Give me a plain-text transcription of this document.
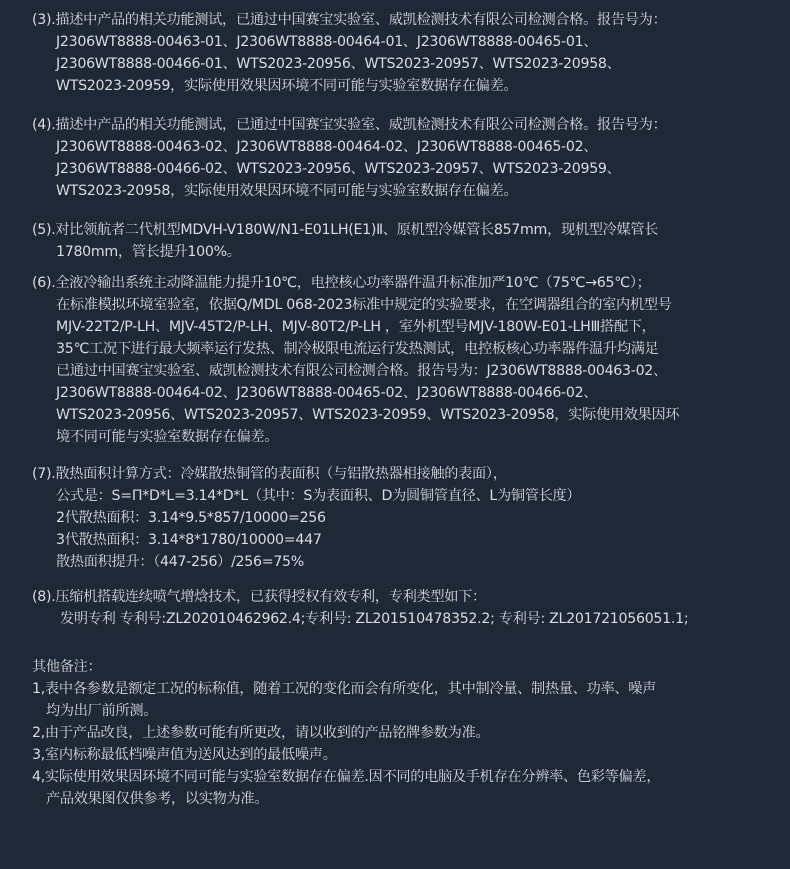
(3).描述中产品的相关功能测试，已通过中国赛宝实验室、威凯检测技术有限公司检测合格。报告号为：
J2306WT8888-00463-01、J2306WT8888-00464-01、J2306WT8888-00465-01、
J2306WT8888-00466-01、WTS2023-20956、WTS2023-20957、WTS2023-20958、
WTS2023-20959，实际使用效果因环境不同可能与实验室数据存在偏差。
(4).描述中产品的相关功能测试，已通过中国赛宝实验室、威凯检测技术有限公司检测合格。报告号为：
J2306WT8888-00463-02、J2306WT8888-00464-02、J2306WT8888-00465-02、
J2306WT8888-00466-02、WTS2023-20956、WTS2023-20957、WTS2023-20959、
WTS2023-20958，实际使用效果因环境不同可能与实验室数据存在偏差。
(5).对比领航者二代机型MDVH-V180W/N1-E01LH(E1)Ⅱ、原机型冷媒管长857mm，现机型冷媒管长
1780mm，管长提升100%。
(6).全液冷输出系统主动降温能力提升10℃，电控核心功率器件温升标准加严10℃（75℃→65℃）；
在标准模拟环境室验室，依据Q/MDL 068-2023标准中规定的实验要求，在空调器组合的室内机型号
MJV-22T2/P-LH、MJV-45T2/P-LH、MJV-80T2/P-LH ，室外机型号MJV-180W-E01-LHⅢ搭配下，
35℃工况下进行最大频率运行发热、制冷极限电流运行发热测试，电控板核心功率器件温升均满足
已通过中国赛宝实验室、威凯检测技术有限公司检测合格。报告号为：J2306WT8888-00463-02、
J2306WT8888-00464-02、J2306WT8888-00465-02、J2306WT8888-00466-02、
WTS2023-20956、WTS2023-20957、WTS2023-20959、WTS2023-20958，实际使用效果因环
境不同可能与实验室数据存在偏差。
(7).散热面积计算方式：冷媒散热铜管的表面积（与铝散热器相接触的表面），
公式是：S=Π*D*L=3.14*D*L（其中：S为表面积、D为圆铜管直径、L为铜管长度）
2代散热面积：3.14*9.5*857/10000=256
3代散热面积：3.14*8*1780/10000=447
散热面积提升：（447-256）/256=75%
(8).压缩机搭载连续喷气增焓技术，已获得授权有效专利，专利类型如下：
发明专利 专利号:ZL202010462962.4;专利号: ZL201510478352.2; 专利号: ZL201721056051.1;
其他备注：
1,表中各参数是额定工况的标称值，随着工况的变化而会有所变化，其中制冷量、制热量、功率、噪声
均为出厂前所测。
2,由于产品改良，上述参数可能有所更改，请以收到的产品铭牌参数为准。
3,室内标称最低档噪声值为送风达到的最低噪声。
4,实际使用效果因环境不同可能与实验室数据存在偏差.因不同的电脑及手机存在分辨率、色彩等偏差，
产品效果图仅供参考，以实物为准。
